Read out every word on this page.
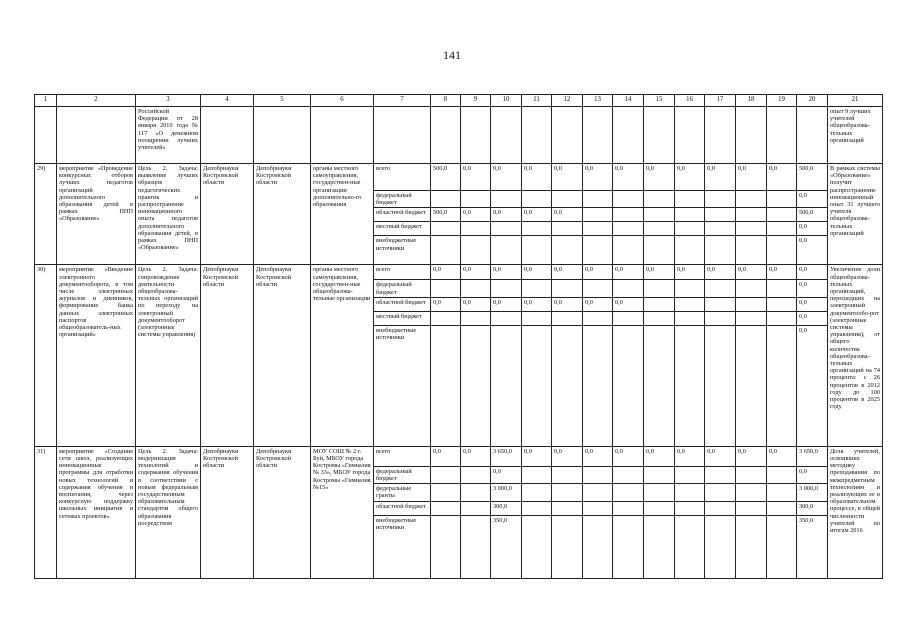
141
1	2	3	4	5	6	7	8	9	10	11	12	13	14	15	16	17	18	19	20	21
		Российской Федерации от 28 января 2010 года № 117 «О денежном поощрении лучших учителей»																		опыт 9 лучших учителей общеобразова-тельных организаций
29)	мероприятие «Проведение конкурсных отборов лучших педагогов организаций дополнительного образования детей в рамках ПНП «Образование»	Цель 2. Задача: выявление лучших образцов педагогических практик и распространение инновационного опыта педагогов дополнительного образования детей, в рамках ПНП «Образование»	Депобрнауки Костромской области	Депобрнауки Костромской области	органы местного самоуправления, государствен-ные организации дополнительно-го образования	всего	500,0	0,0	0,0	0,0	0,0	0,0	0,0	0,0	0,0	0,0	0,0	0,0	500,0	В рамках системы «Образование» получит распространение инновационный опыт 31 лучшего учителя общеобразова-тельных организаций
						федеральный бюджет													0,0	
						областной бюджет	500,0	0,0	0,0	0,0	0,0								500,0	
						местный бюджет													0,0	
						внебюджетные источники													0,0	
30)	мероприятие «Введение электронного документооборота, в том числе электронных журналов и дневников, формирование банка данных электронных паспортов общеобразователь-ных организаций»	Цель 2. Задача: сопровождение деятельности общеобразова-тельных организаций по переходу на электронный документооборот (электронные системы управления)	Депобрнауки Костромской области	Депобрнауки Костромской области	органы местного самоуправления, государствен-ные общеобразова-тельные организации	всего	0,0	0,0	0,0	0,0	0,0	0,0	0,0	0,0	0,0	0,0	0,0	0,0	0,0	Увеличение доли общеобразова-тельных организаций, перешедших на электронный документообо-рот (электронные системы управления), от общего количества общеобразова-тельных организаций на 74 процента: с 26 процентов в 2012 году до 100 процентов в 2025 году
						федеральный бюджет													0,0	
						областной бюджет	0,0	0,0	0,0	0,0	0,0	0,0	0,0						0,0	
						местный бюджет													0,0	
						внебюджетные источники													0,0	
31)	мероприятие «Создание сети школ, реализующих инновационные программы для отработки новых технологий и содержания обучения и воспитания, через конкурсную поддержку школьных инициатив и сетевых проектов»	Цель 2. Задача: модернизация технологий и содержания обучения в соответствии с новым федеральным государственным образовательным стандартом общего образования посредством	Депобрнауки Костромской области	Депобрнауки Костромской области	МОУ СОШ № 2 г. Буй, МБОУ города Костромы «Гимназия № 33», МБОУ города Костромы «Гимназия №15»	всего	0,0	0,0	3 650,0	0,0	0,0	0,0	0,0	0,0	0,0	0,0	0,0	0,0	3 650,0	Доля учителей, освоивших методику преподавания по межпредметным технологиям и реализующих ее в образовательном процессе, в общей численности учителей по итогам 2016
						федеральный бюджет			0,0										0,0	
						федеральные гранты			3 000,0										3 000,0	
						областной бюджет			300,0										300,0	
						внебюджетные источники			350,0										350,0	
